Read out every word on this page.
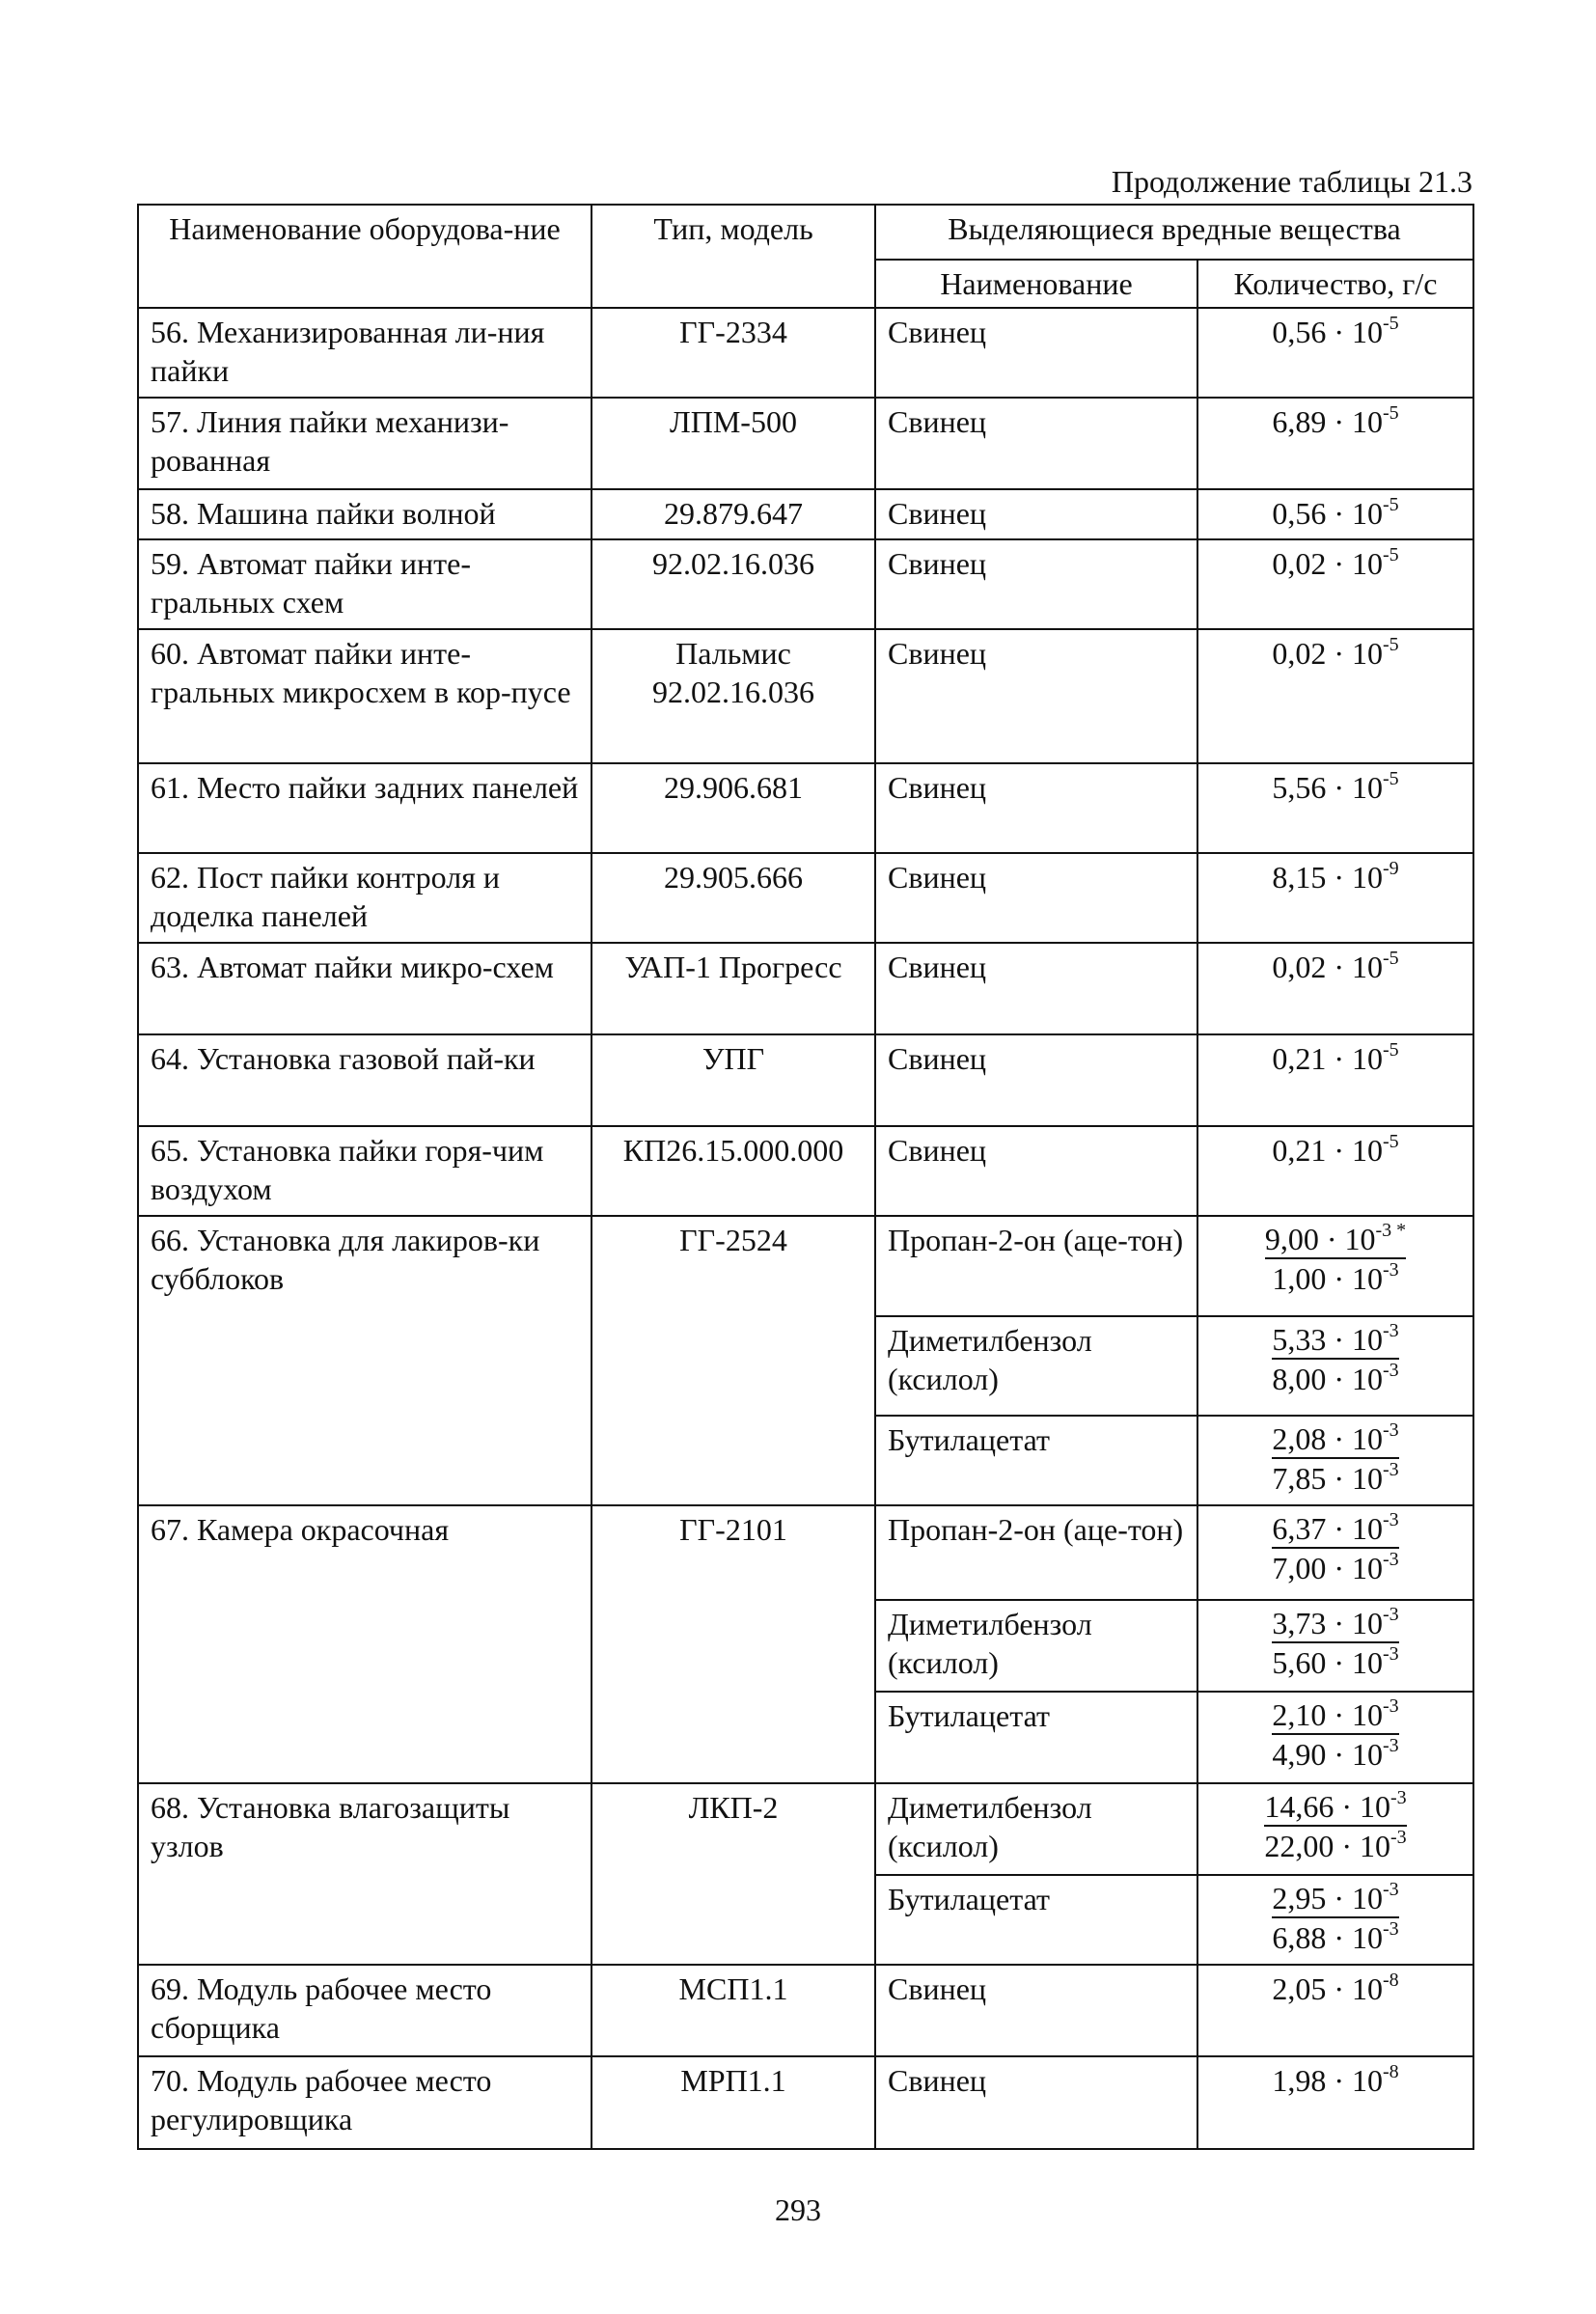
Продолжение таблицы 21.3
Наименование оборудова-ние	Тип, модель	Выделяющиеся вредные вещества	
		Наименование	Количество, г/с
56. Механизированная ли-ния пайки	ГГ-2334	Свинец	$0,56 \cdot 10^{-5}$

57. Линия пайки механизи-рованная	ЛПМ-500	Свинец	$6,89 \cdot 10^{-5}$

58. Машина пайки волной	29.879.647	Свинец	$0,56 \cdot 10^{-5}$

59. Автомат пайки инте-гральных схем	92.02.16.036	Свинец	$0,02 \cdot 10^{-5}$

60. Автомат пайки инте-гральных микросхем в кор-пусе	Пальмис 92.02.16.036	Свинец	$0,02 \cdot 10^{-5}$

61. Место пайки задних панелей	29.906.681	Свинец	$5,56 \cdot 10^{-5}$

62. Пост пайки контроля и доделка панелей	29.905.666	Свинец	$8,15 \cdot 10^{-9}$

63. Автомат пайки микро-схем	УАП-1 Прогресс	Свинец	$0,02 \cdot 10^{-5}$

64. Установка газовой пай-ки	УПГ	Свинец	$0,21 \cdot 10^{-5}$

65. Установка пайки горя-чим воздухом	КП26.15.000.000	Свинец	$0,21 \cdot 10^{-5}$

66. Установка для лакиров-ки субблоков	ГГ-2524	Пропан-2-он (аце-тон)	$\frac{9,00 \cdot 10^{-3 *}}{1,00 \cdot 10^{-3}}$

		Диметилбензол (ксилол)	$\frac{5,33 \cdot 10^{-3}}{8,00 \cdot 10^{-3}}$

		Бутилацетат	$\frac{2,08 \cdot 10^{-3}}{7,85 \cdot 10^{-3}}$

67. Камера окрасочная	ГГ-2101	Пропан-2-он (аце-тон)	$\frac{6,37 \cdot 10^{-3}}{7,00 \cdot 10^{-3}}$

		Диметилбензол (ксилол)	$\frac{3,73 \cdot 10^{-3}}{5,60 \cdot 10^{-3}}$

		Бутилацетат	$\frac{2,10 \cdot 10^{-3}}{4,90 \cdot 10^{-3}}$

68. Установка влагозащиты узлов	ЛКП-2	Диметилбензол (ксилол)	$\frac{14,66 \cdot 10^{-3}}{22,00 \cdot 10^{-3}}$

		Бутилацетат	$\frac{2,95 \cdot 10^{-3}}{6,88 \cdot 10^{-3}}$

69. Модуль рабочее место сборщика	МСП1.1	Свинец	$2,05 \cdot 10^{-8}$

70. Модуль рабочее место регулировщика	МРП1.1	Свинец	$1,98 \cdot 10^{-8}$
293
